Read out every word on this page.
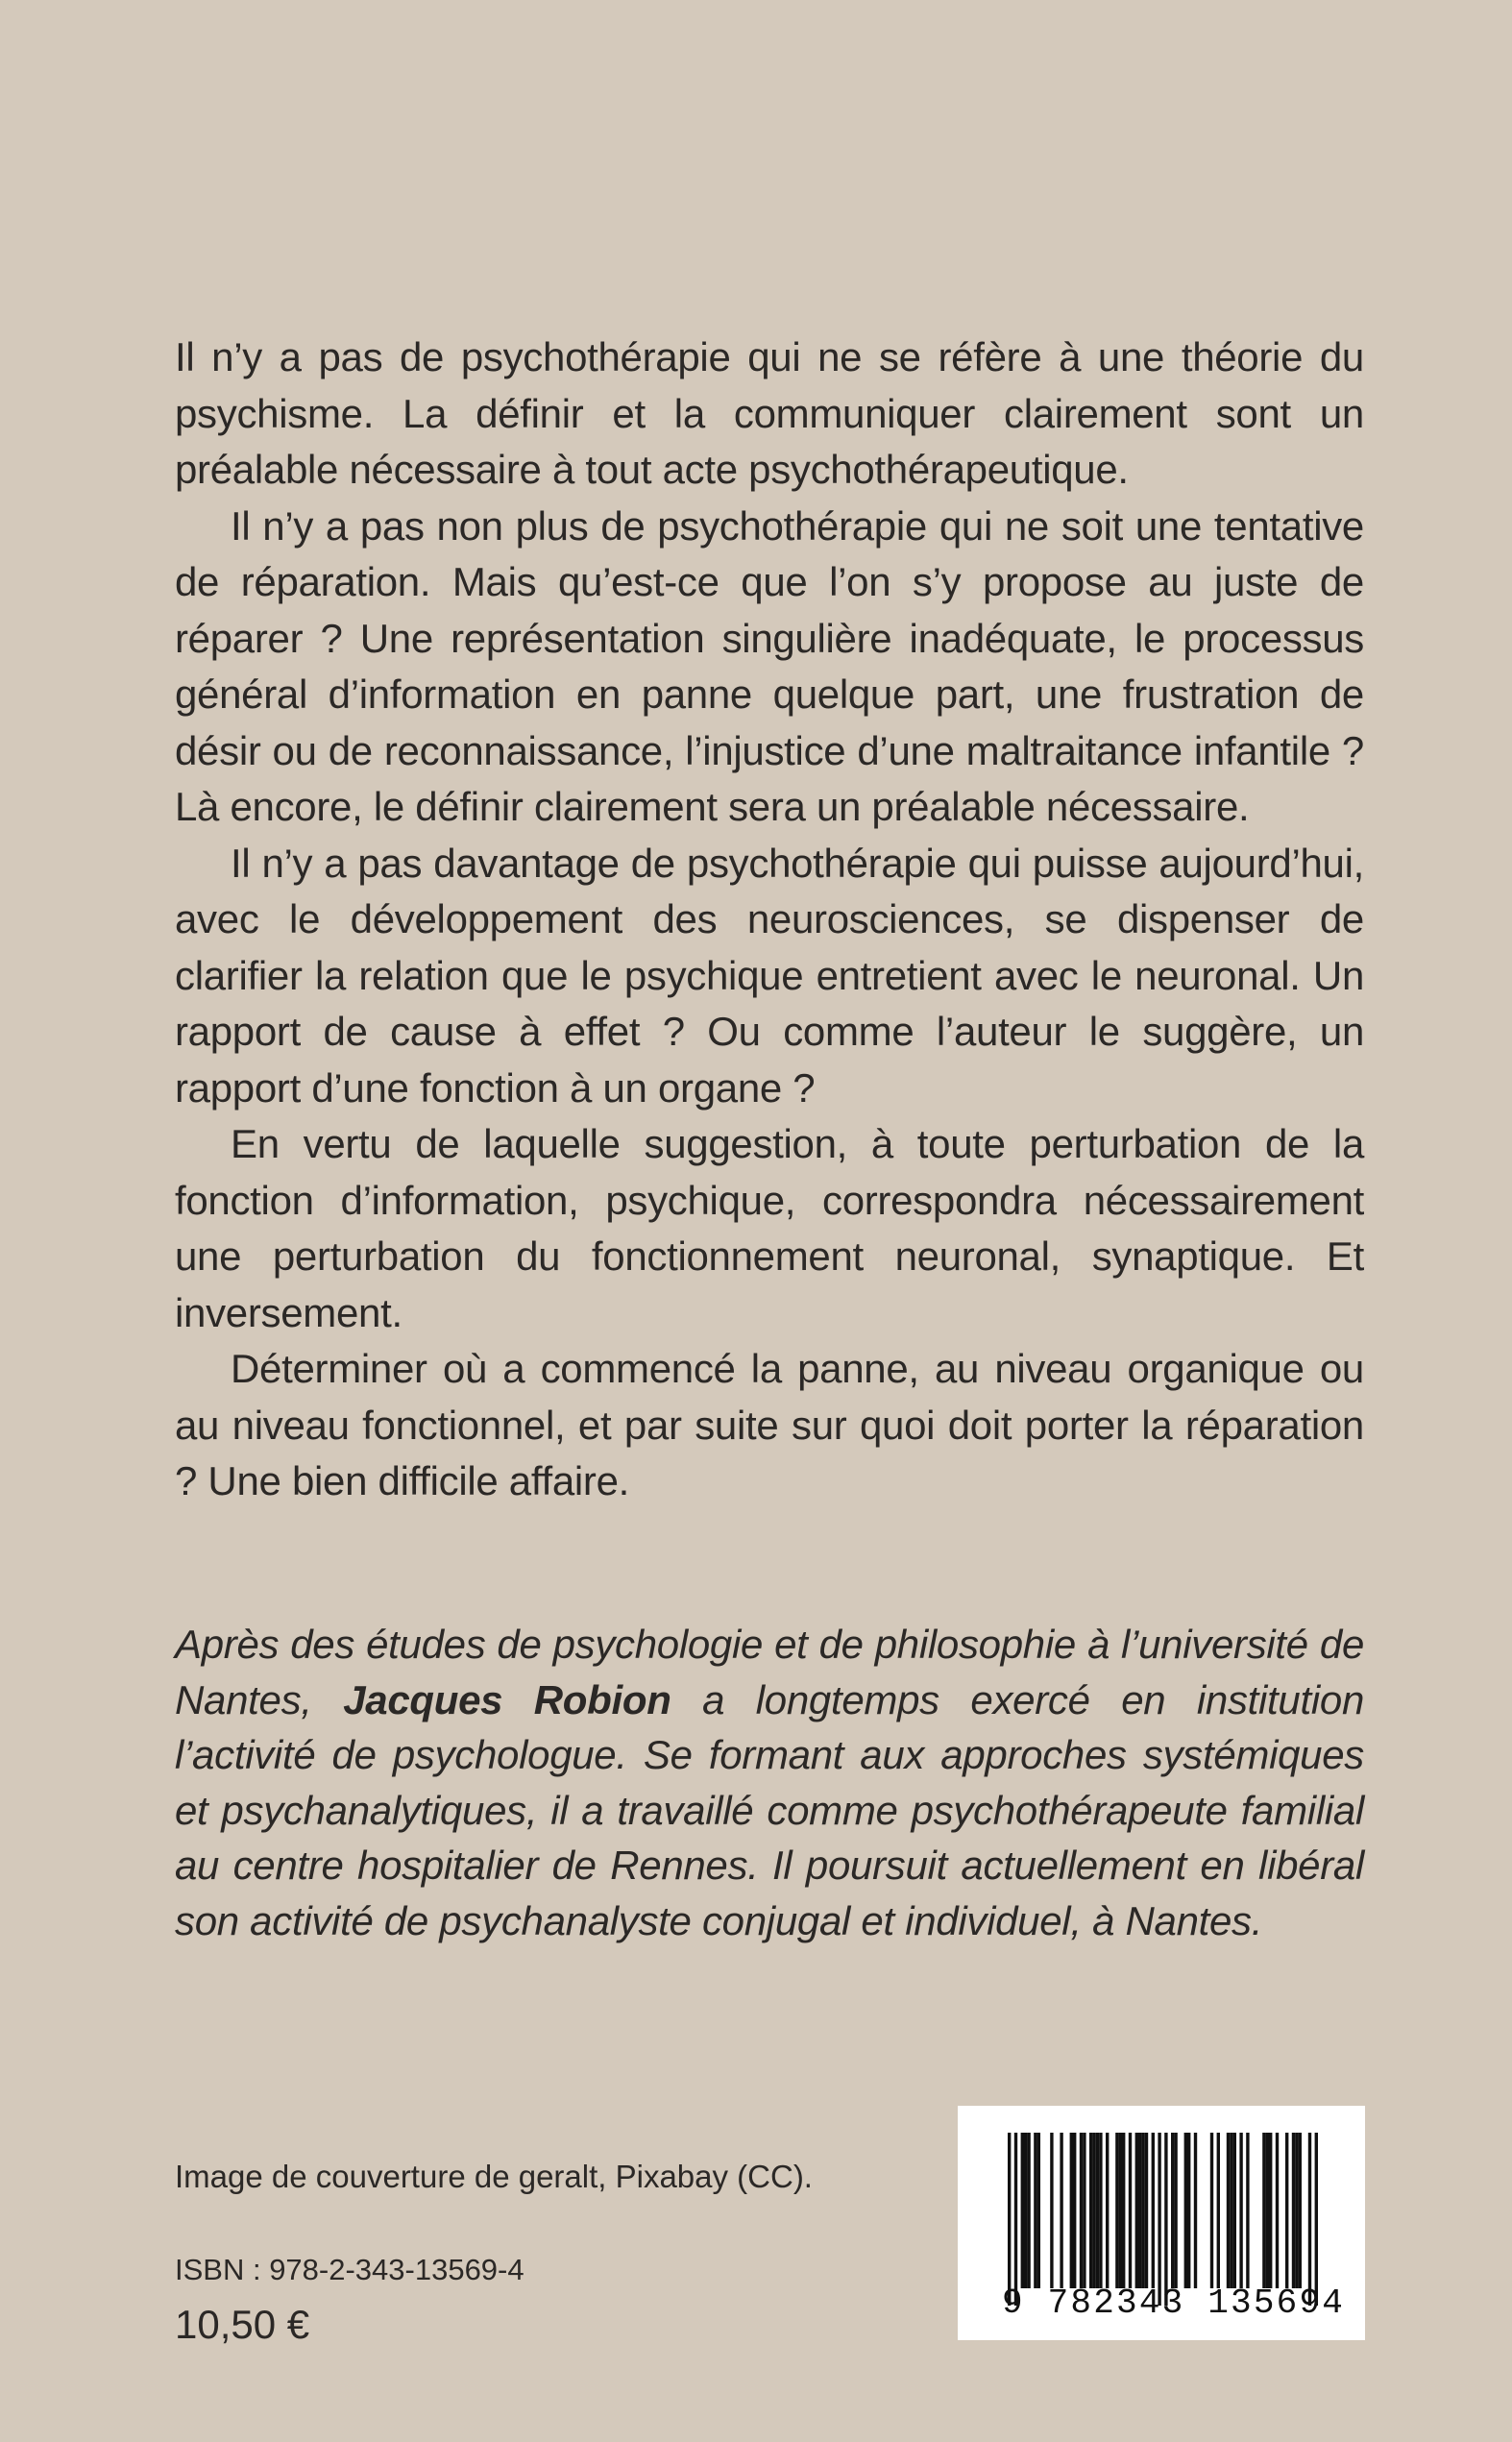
Il n’y a pas de psychothérapie qui ne se réfère à une théorie du psychisme. La définir et la communiquer clairement sont un préalable nécessaire à tout acte psychothérapeutique.

Il n’y a pas non plus de psychothérapie qui ne soit une tentative de réparation. Mais qu’est-ce que l’on s’y propose au juste de réparer ? Une représentation singulière inadéquate, le processus général d’information en panne quelque part, une frustration de désir ou de reconnaissance, l’injustice d’une maltraitance infantile ? Là encore, le définir clairement sera un préalable nécessaire.

Il n’y a pas davantage de psychothérapie qui puisse aujourd’hui, avec le développement des neurosciences, se dispenser de clarifier la relation que le psychique entretient avec le neuronal. Un rapport de cause à effet ? Ou comme l’auteur le suggère, un rapport d’une fonction à un organe ?

En vertu de laquelle suggestion, à toute perturbation de la fonction d’information, psychique, correspondra nécessairement une perturbation du fonctionnement neuronal, synaptique. Et inversement.

Déterminer où a commencé la panne, au niveau organique ou au niveau fonctionnel, et par suite sur quoi doit porter la réparation ? Une bien difficile affaire.

Après des études de psychologie et de philosophie à l’université de Nantes, Jacques Robion a longtemps exercé en institution l’activité de psychologue. Se formant aux approches systémiques et psychanalytiques, il a travaillé comme psychothérapeute familial au centre hospitalier de Rennes. Il poursuit actuellement en libéral son activité de psychanalyste conjugal et individuel, à Nantes.

Image de couverture de geralt, Pixabay (CC).
ISBN : 978-2-343-13569-4
10,50 €	9 782343 135694
